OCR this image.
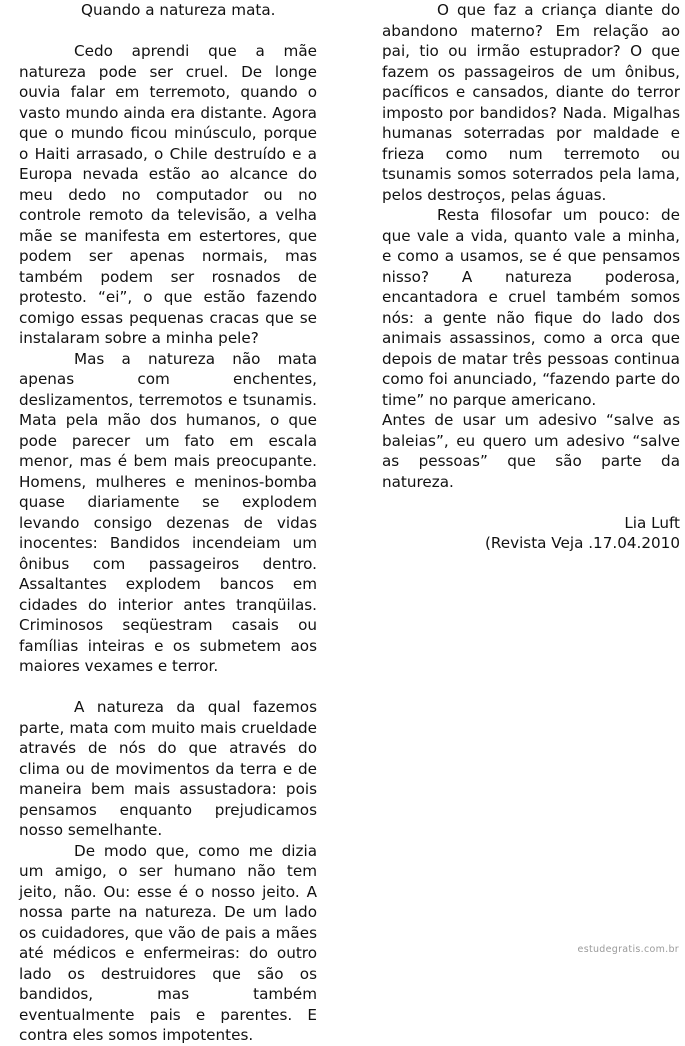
Quando a natureza mata.

Cedo aprendi que a mãe natureza pode ser cruel. De longe ouvia falar em terremoto, quando o vasto mundo ainda era distante. Agora que o mundo ficou minúsculo, porque o Haiti arrasado, o Chile destruído e a Europa nevada estão ao alcance do meu dedo no computador ou no controle remoto da televisão, a velha mãe se manifesta em estertores, que podem ser apenas normais, mas também podem ser rosnados de protesto. “ei”, o que estão fazendo comigo essas pequenas cracas que se instalaram sobre a minha pele?

Mas a natureza não mata apenas com enchentes, deslizamentos, terremotos e tsunamis. Mata pela mão dos humanos, o que pode parecer um fato em escala menor, mas é bem mais preocupante. Homens, mulheres e meninos-bomba quase diariamente se explodem levando consigo dezenas de vidas inocentes: Bandidos incendeiam um ônibus com passageiros dentro. Assaltantes explodem bancos em cidades do interior antes tranqüilas. Criminosos seqüestram casais ou famílias inteiras e os submetem aos maiores vexames e terror.

A natureza da qual fazemos parte, mata com muito mais crueldade através de nós do que através do clima ou de movimentos da terra e de maneira bem mais assustadora: pois pensamos enquanto prejudicamos nosso semelhante.

De modo que, como me dizia um amigo, o ser humano não tem jeito, não. Ou: esse é o nosso jeito. A nossa parte na natureza. De um lado os cuidadores, que vão de pais a mães até médicos e enfermeiras: do outro lado os destruidores que são os bandidos, mas também eventualmente pais e parentes. E contra eles somos impotentes.

O que faz a criança diante do abandono materno? Em relação ao pai, tio ou irmão estuprador? O que fazem os passageiros de um ônibus, pacíficos e cansados, diante do terror imposto por bandidos? Nada. Migalhas humanas soterradas por maldade e frieza como num terremoto ou tsunamis somos soterrados pela lama, pelos destroços, pelas águas.

Resta filosofar um pouco: de que vale a vida, quanto vale a minha, e como a usamos, se é que pensamos nisso? A natureza poderosa, encantadora e cruel também somos nós: a gente não fique do lado dos animais assassinos, como a orca que depois de matar três pessoas continua como foi anunciado, “fazendo parte do time” no parque americano.

Antes de usar um adesivo “salve as baleias”, eu quero um adesivo “salve as pessoas” que são parte da natureza.

Lia Luft

(Revista Veja .17.04.2010

estudegratis.com.br
